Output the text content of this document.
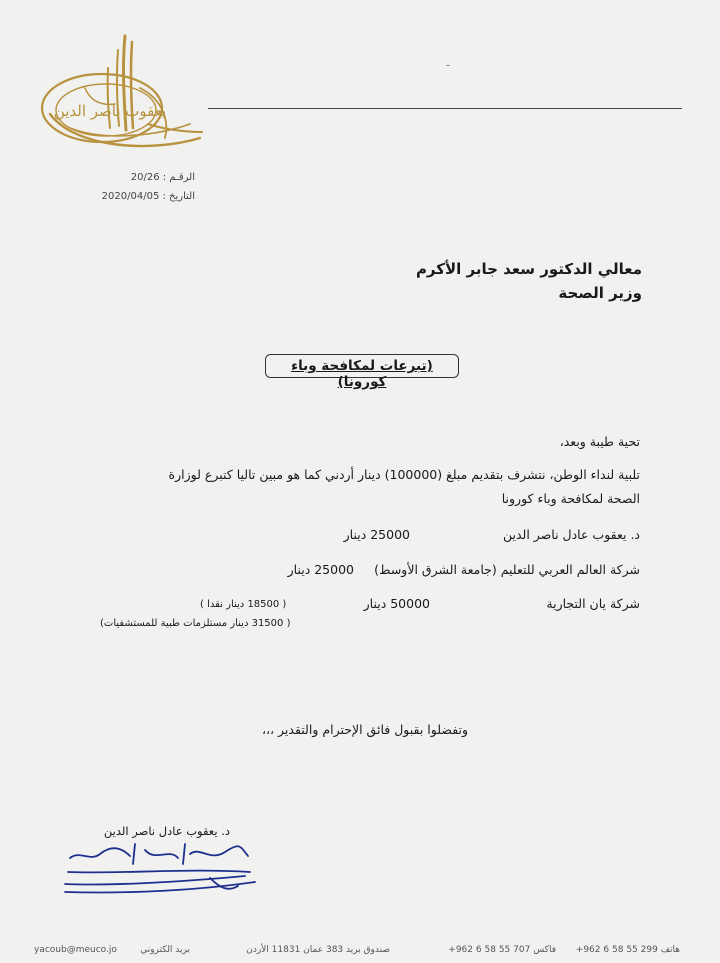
يعقوب ناصر الدين
الرقـم : 20/26
التاريخ : 2020/04/05
معالي الدكتور سعد جابر الأكرم
وزير الصحة
(تبرعات لمكافحة وباء كورونا)
تحية طيبة وبعد،
تلبية لنداء الوطن، نتشرف بتقديم مبلغ (100000) دينار أردني كما هو مبين تاليا كتبرع لوزارة
الصحة لمكافحة وباء كورونا
د. يعقوب عادل ناصر الدين
25000 دينار
شركة العالم العربي للتعليم (جامعة الشرق الأوسط)
25000 دينار
شركة يان التجارية
50000 دينار
( 18500 دينار نقدا )
( 31500 دينار مستلزمات طبية للمستشفيات)
وتفضلوا بقبول فائق الإحترام والتقدير ،،،
د. يعقوب عادل ناصر الدين
هاتف 299 55 58 6 962+
فاكس 707 55 58 6 962+
صندوق بريد 383 عمان 11831 الأردن
بريد الكتروني
yacoub@meuco.jo
